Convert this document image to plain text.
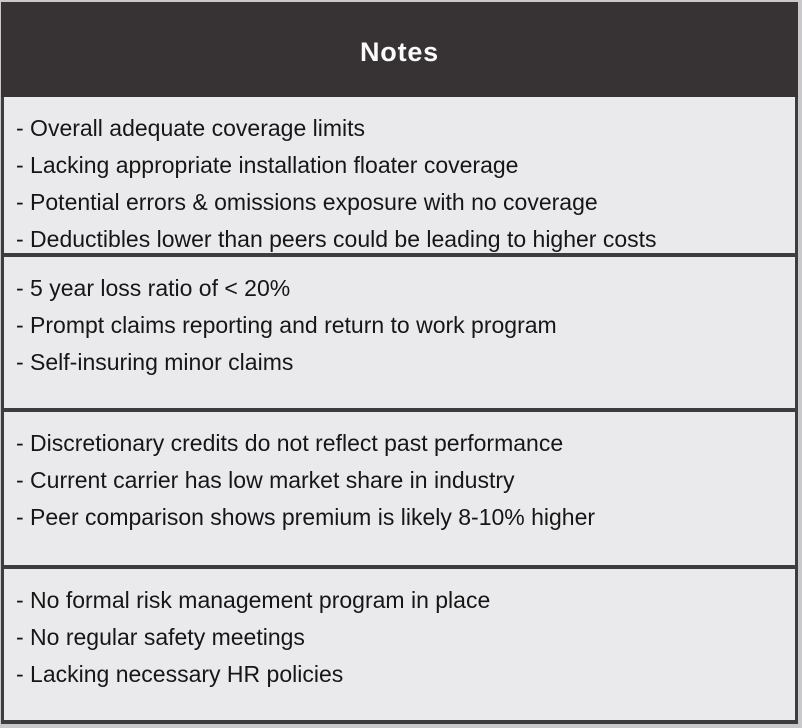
Notes
- Overall adequate coverage limits
- Lacking appropriate installation floater coverage
- Potential errors & omissions exposure with no coverage
- Deductibles lower than peers could be leading to higher costs
- 5 year loss ratio of < 20%
- Prompt claims reporting and return to work program
- Self-insuring minor claims
- Discretionary credits do not reflect past performance
- Current carrier has low market share in industry
- Peer comparison shows premium is likely 8-10% higher
- No formal risk management program in place
- No regular safety meetings
- Lacking necessary HR policies
